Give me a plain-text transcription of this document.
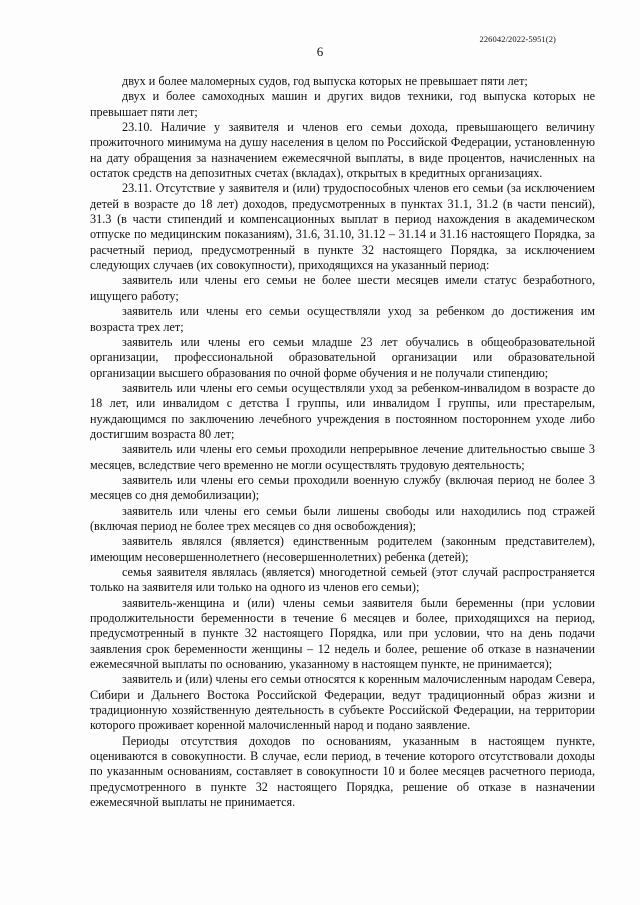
226042/2022-5951(2)
6

двух и более маломерных судов, год выпуска которых не превышает пяти лет;

двух и более самоходных машин и других видов техники, год выпуска которых не превышает пяти лет;

23.10. Наличие у заявителя и членов его семьи дохода, превышающего величину прожиточного минимума на душу населения в целом по Российской Федерации, установленную на дату обращения за назначением ежемесячной выплаты, в виде процентов, начисленных на остаток средств на депозитных счетах (вкладах), открытых в кредитных организациях.

23.11. Отсутствие у заявителя и (или) трудоспособных членов его семьи (за исключением детей в возрасте до 18 лет) доходов, предусмотренных в пунктах 31.1, 31.2 (в части пенсий), 31.3 (в части стипендий и компенсационных выплат в период нахождения в академическом отпуске по медицинским показаниям), 31.6, 31.10, 31.12 – 31.14 и 31.16 настоящего Порядка, за расчетный период, предусмотренный в пункте 32 настоящего Порядка, за исключением следующих случаев (их совокупности), приходящихся на указанный период:

заявитель или члены его семьи не более шести месяцев имели статус безработного, ищущего работу;

заявитель или члены его семьи осуществляли уход за ребенком до достижения им возраста трех лет;

заявитель или члены его семьи младше 23 лет обучались в общеобразовательной организации, профессиональной образовательной организации или образовательной организации высшего образования по очной форме обучения и не получали стипендию;

заявитель или члены его семьи осуществляли уход за ребенком-инвалидом в возрасте до 18 лет, или инвалидом с детства I группы, или инвалидом I группы, или престарелым, нуждающимся по заключению лечебного учреждения в постоянном постороннем уходе либо достигшим возраста 80 лет;

заявитель или члены его семьи проходили непрерывное лечение длительностью свыше 3 месяцев, вследствие чего временно не могли осуществлять трудовую деятельность;

заявитель или члены его семьи проходили военную службу (включая период не более 3 месяцев со дня демобилизации);

заявитель или члены его семьи были лишены свободы или находились под стражей (включая период не более трех месяцев со дня освобождения);

заявитель являлся (является) единственным родителем (законным представителем), имеющим несовершеннолетнего (несовершеннолетних) ребенка (детей);

семья заявителя являлась (является) многодетной семьей (этот случай распространяется только на заявителя или только на одного из членов его семьи);

заявитель-женщина и (или) члены семьи заявителя были беременны (при условии продолжительности беременности в течение 6 месяцев и более, приходящихся на период, предусмотренный в пункте 32 настоящего Порядка, или при условии, что на день подачи заявления срок беременности женщины – 12 недель и более, решение об отказе в назначении ежемесячной выплаты по основанию, указанному в настоящем пункте, не принимается);

заявитель и (или) члены его семьи относятся к коренным малочисленным народам Севера, Сибири и Дальнего Востока Российской Федерации, ведут традиционный образ жизни и традиционную хозяйственную деятельность в субъекте Российской Федерации, на территории которого проживает коренной малочисленный народ и подано заявление.

Периоды отсутствия доходов по основаниям, указанным в настоящем пункте, оцениваются в совокупности. В случае, если период, в течение которого отсутствовали доходы по указанным основаниям, составляет в совокупности 10 и более месяцев расчетного периода, предусмотренного в пункте 32 настоящего Порядка, решение об отказе в назначении ежемесячной выплаты не принимается.
